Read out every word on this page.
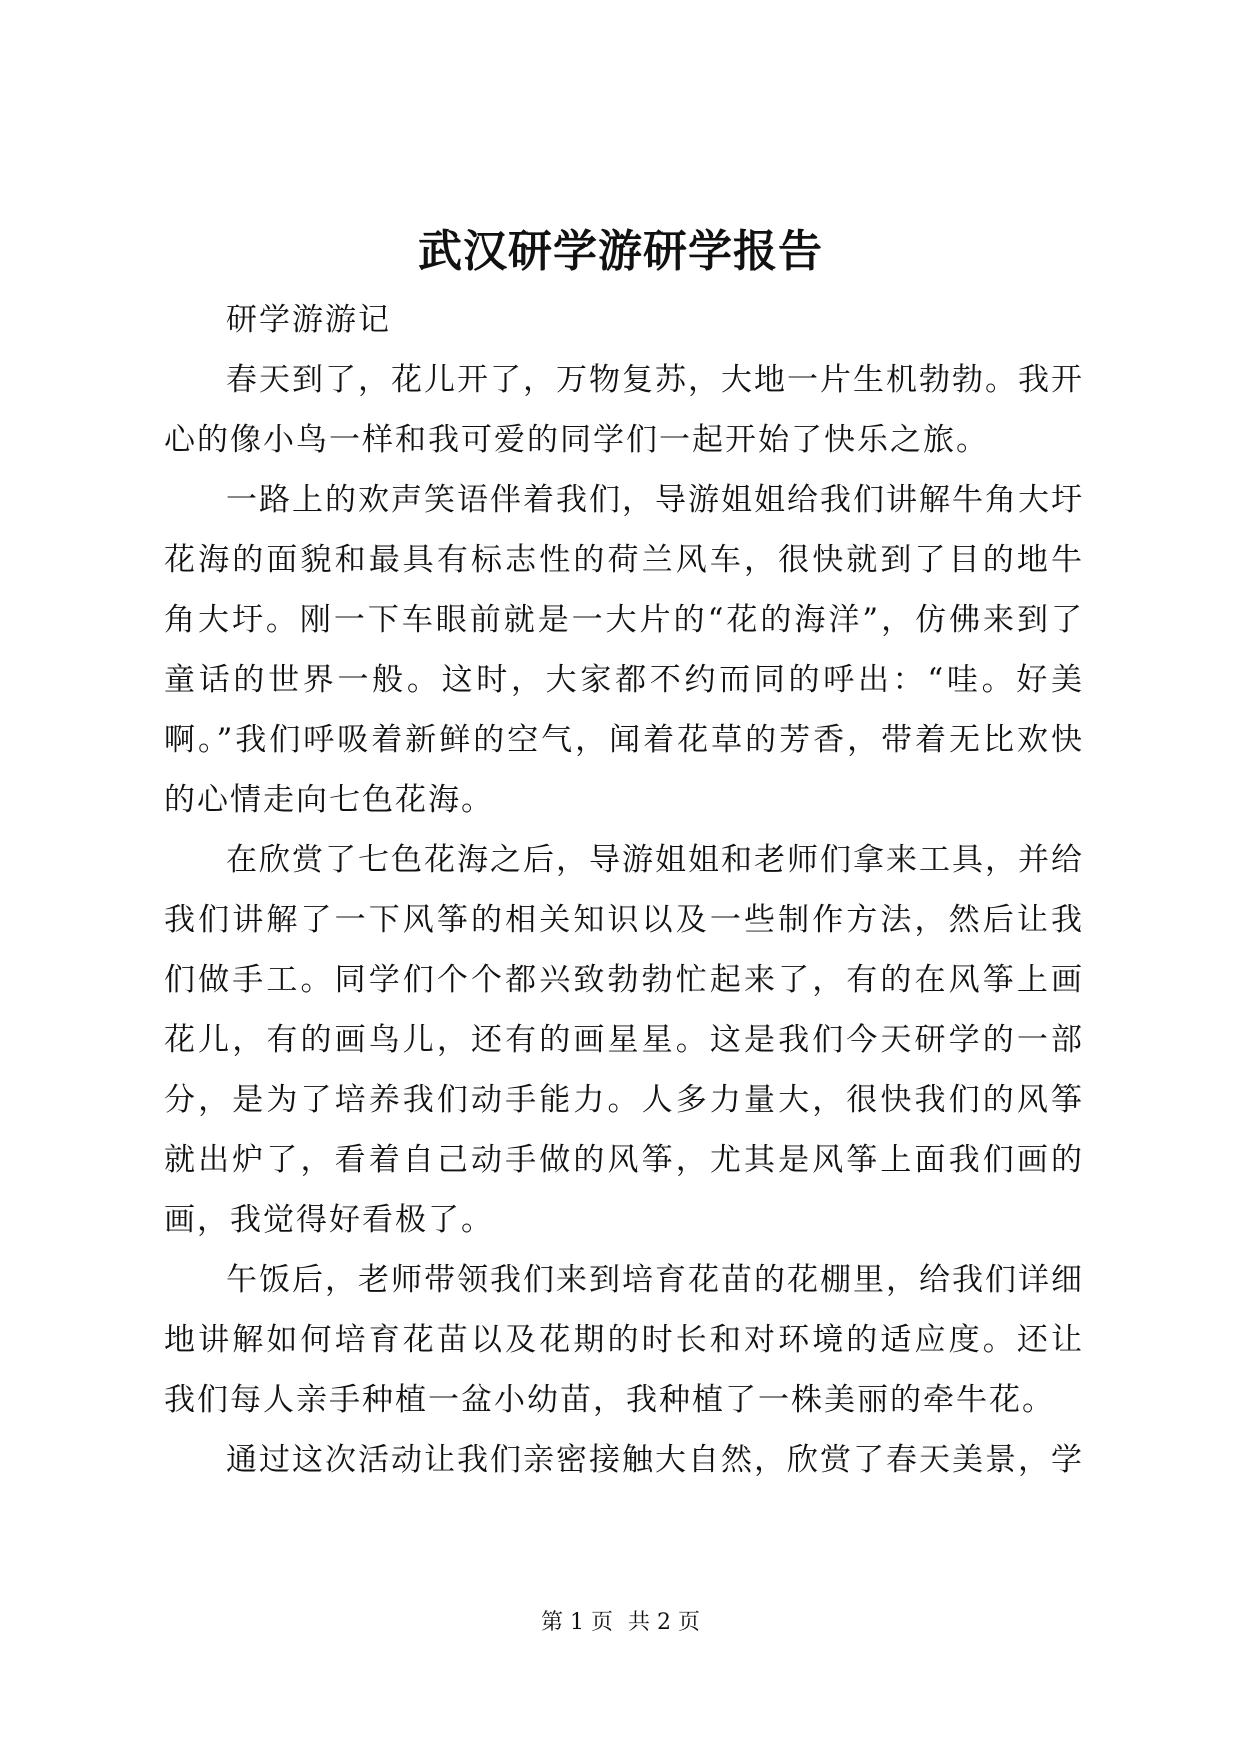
武汉研学游研学报告

研学游游记

春天到了，花儿开了，万物复苏，大地一片生机勃勃。我开心的像小鸟一样和我可爱的同学们一起开始了快乐之旅。

一路上的欢声笑语伴着我们，导游姐姐给我们讲解牛角大圩花海的面貌和最具有标志性的荷兰风车，很快就到了目的地牛角大圩。刚一下车眼前就是一大片的“花的海洋”，仿佛来到了童话的世界一般。这时，大家都不约而同的呼出：“哇。好美啊。”我们呼吸着新鲜的空气，闻着花草的芳香，带着无比欢快的心情走向七色花海。

在欣赏了七色花海之后，导游姐姐和老师们拿来工具，并给我们讲解了一下风筝的相关知识以及一些制作方法，然后让我们做手工。同学们个个都兴致勃勃忙起来了，有的在风筝上画花儿，有的画鸟儿，还有的画星星。这是我们今天研学的一部分，是为了培养我们动手能力。人多力量大，很快我们的风筝就出炉了，看着自己动手做的风筝，尤其是风筝上面我们画的画，我觉得好看极了。

午饭后，老师带领我们来到培育花苗的花棚里，给我们详细地讲解如何培育花苗以及花期的时长和对环境的适应度。还让我们每人亲手种植一盆小幼苗，我种植了一株美丽的牵牛花。

通过这次活动让我们亲密接触大自然，欣赏了春天美景，学

第 1 页 共 2 页
